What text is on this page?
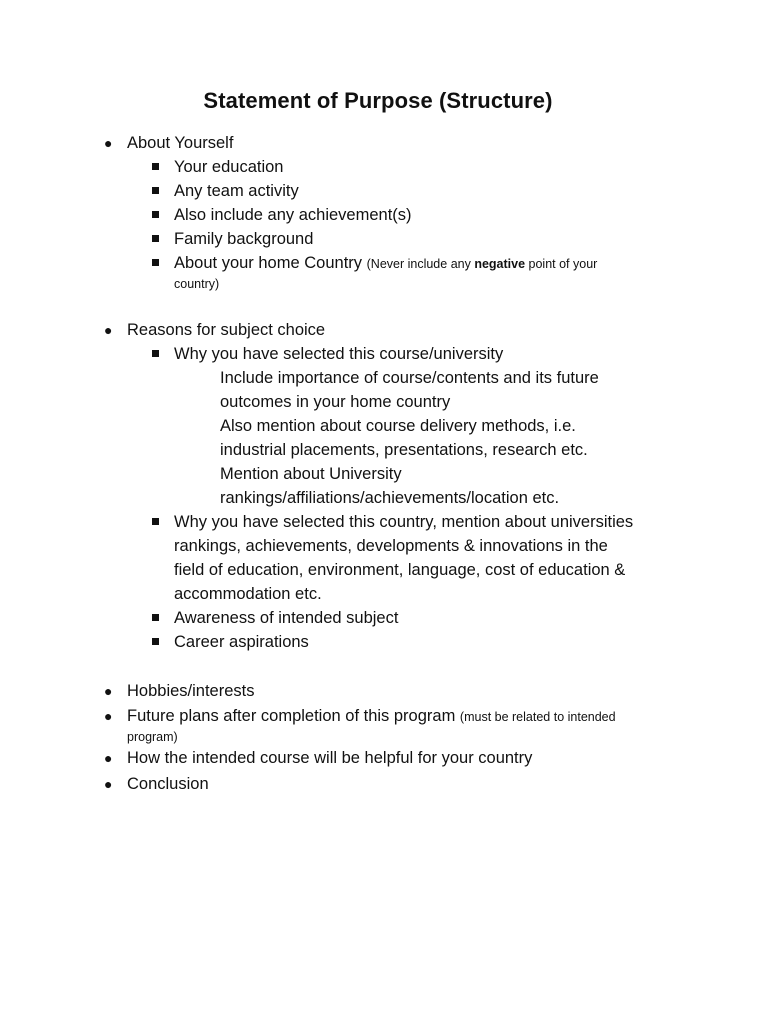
Statement of Purpose (Structure)
● About Yourself
Your education
Any team activity
Also include any achievement(s)
Family background
About your home Country (Never include any negative point of your
country)
● Reasons for subject choice
Why you have selected this course/university
Include importance of course/contents and its future
outcomes in your home country
Also mention about course delivery methods, i.e.
industrial placements, presentations, research etc.
Mention about University
rankings/affiliations/achievements/location etc.
Why you have selected this country, mention about universities
rankings, achievements, developments & innovations in the
field of education, environment, language, cost of education &
accommodation etc.
Awareness of intended subject
Career aspirations
● Hobbies/interests
● Future plans after completion of this program (must be related to intended
program)
● How the intended course will be helpful for your country
● Conclusion
